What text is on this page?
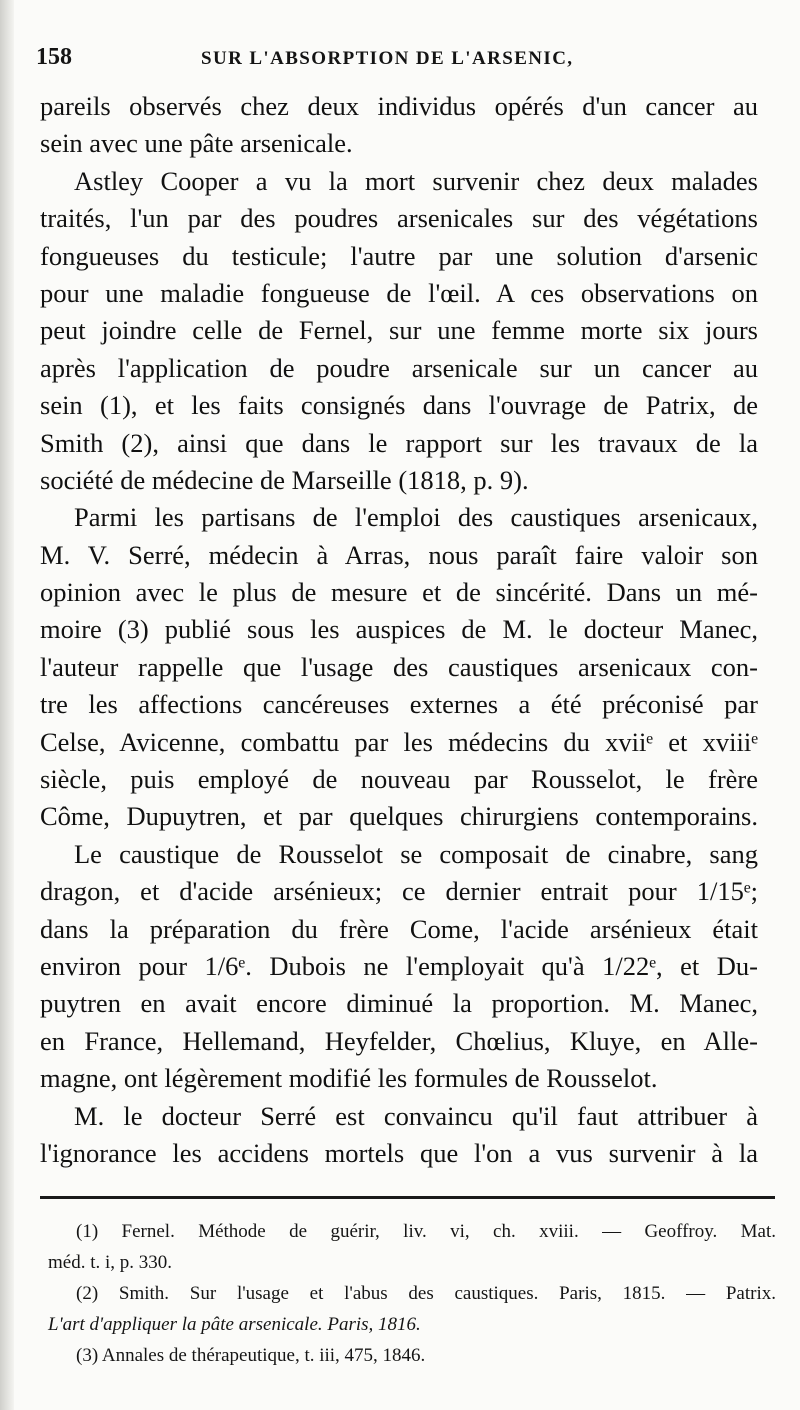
158	SUR L'ABSORPTION DE L'ARSENIC,
pareils observés chez deux individus opérés d'un cancer au
sein avec une pâte arsenicale.
Astley Cooper a vu la mort survenir chez deux malades
traités, l'un par des poudres arsenicales sur des végétations
fongueuses du testicule; l'autre par une solution d'arsenic
pour une maladie fongueuse de l'œil. A ces observations on
peut joindre celle de Fernel, sur une femme morte six jours
après l'application de poudre arsenicale sur un cancer au
sein (1), et les faits consignés dans l'ouvrage de Patrix, de
Smith (2), ainsi que dans le rapport sur les travaux de la
société de médecine de Marseille (1818, p. 9).
Parmi les partisans de l'emploi des caustiques arsenicaux,
M. V. Serré, médecin à Arras, nous paraît faire valoir son
opinion avec le plus de mesure et de sincérité. Dans un mé-
moire (3) publié sous les auspices de M. le docteur Manec,
l'auteur rappelle que l'usage des caustiques arsenicaux con-
tre les affections cancéreuses externes a été préconisé par
Celse, Avicenne, combattu par les médecins du xviiᵉ et xviiiᵉ
siècle, puis employé de nouveau par Rousselot, le frère
Côme, Dupuytren, et par quelques chirurgiens contemporains.
Le caustique de Rousselot se composait de cinabre, sang
dragon, et d'acide arsénieux; ce dernier entrait pour 1/15ᵉ;
dans la préparation du frère Come, l'acide arsénieux était
environ pour 1/6ᵉ. Dubois ne l'employait qu'à 1/22ᵉ, et Du-
puytren en avait encore diminué la proportion. M. Manec,
en France, Hellemand, Heyfelder, Chœlius, Kluye, en Alle-
magne, ont légèrement modifié les formules de Rousselot.
M. le docteur Serré est convaincu qu'il faut attribuer à
l'ignorance les accidens mortels que l'on a vus survenir à la
(1) Fernel. Méthode de guérir, liv. vi, ch. xviii. — Geoffroy. Mat.
méd. t. i, p. 330.
(2) Smith. Sur l'usage et l'abus des caustiques. Paris, 1815. — Patrix.
L'art d'appliquer la pâte arsenicale. Paris, 1816.
(3) Annales de thérapeutique, t. iii, 475, 1846.
